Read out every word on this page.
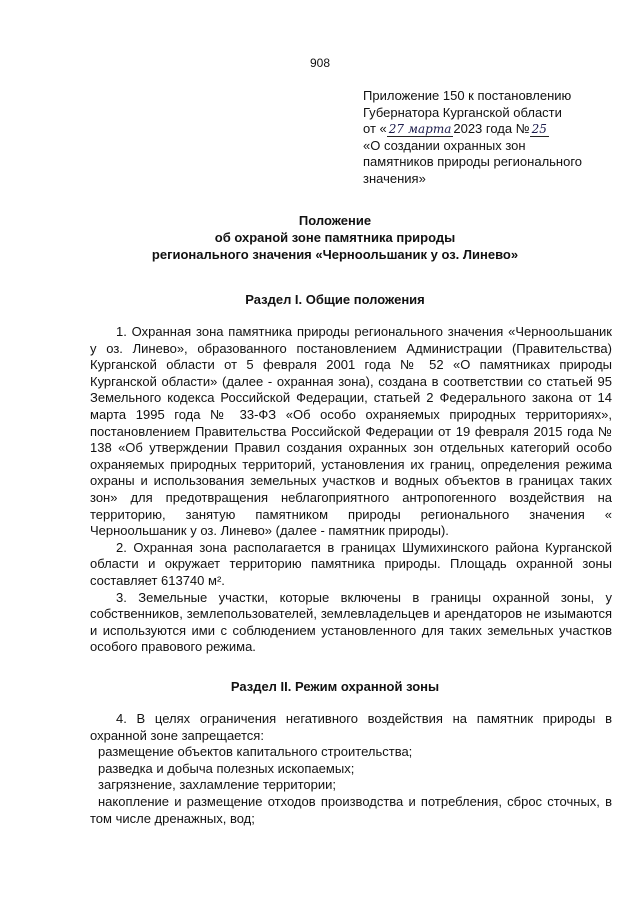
908
Приложение 150 к постановлению
Губернатора Курганской области
от « 27 марта 2023 года № 25
«О создании охранных зон
памятников природы регионального
значения»
Положение
об охраной зоне памятника природы
регионального значения «Черноольшаник у оз. Линево»
Раздел I. Общие положения

1. Охранная зона памятника природы регионального значения «Черноольшаник у оз. Линево», образованного постановлением Администрации (Правительства) Курганской области от 5 февраля 2001 года № 52 «О памятниках природы Курганской области» (далее - охранная зона), создана в соответствии со статьей 95 Земельного кодекса Российской Федерации, статьей 2 Федерального закона от 14 марта 1995 года № 33-ФЗ «Об особо охраняемых природных территориях», постановлением Правительства Российской Федерации от 19 февраля 2015 года № 138 «Об утверждении Правил создания охранных зон отдельных категорий особо охраняемых природных территорий, установления их границ, определения режима охраны и использования земельных участков и водных объектов в границах таких зон» для предотвращения неблагоприятного антропогенного воздействия на территорию, занятую памятником природы регионального значения « Черноольшаник у оз. Линево» (далее - памятник природы).

2. Охранная зона располагается в границах Шумихинского района Курганской области и окружает территорию памятника природы. Площадь охранной зоны составляет 613740 м².

3. Земельные участки, которые включены в границы охранной зоны, у собственников, землепользователей, землевладельцев и арендаторов не изымаются и используются ими с соблюдением установленного для таких земельных участков особого правового режима.

Раздел II. Режим охранной зоны

4. В целях ограничения негативного воздействия на памятник природы в охранной зоне запрещается:

размещение объектов капитального строительства;

разведка и добыча полезных ископаемых;

загрязнение, захламление территории;

накопление и размещение отходов производства и потребления, сброс сточных, в том числе дренажных, вод;
